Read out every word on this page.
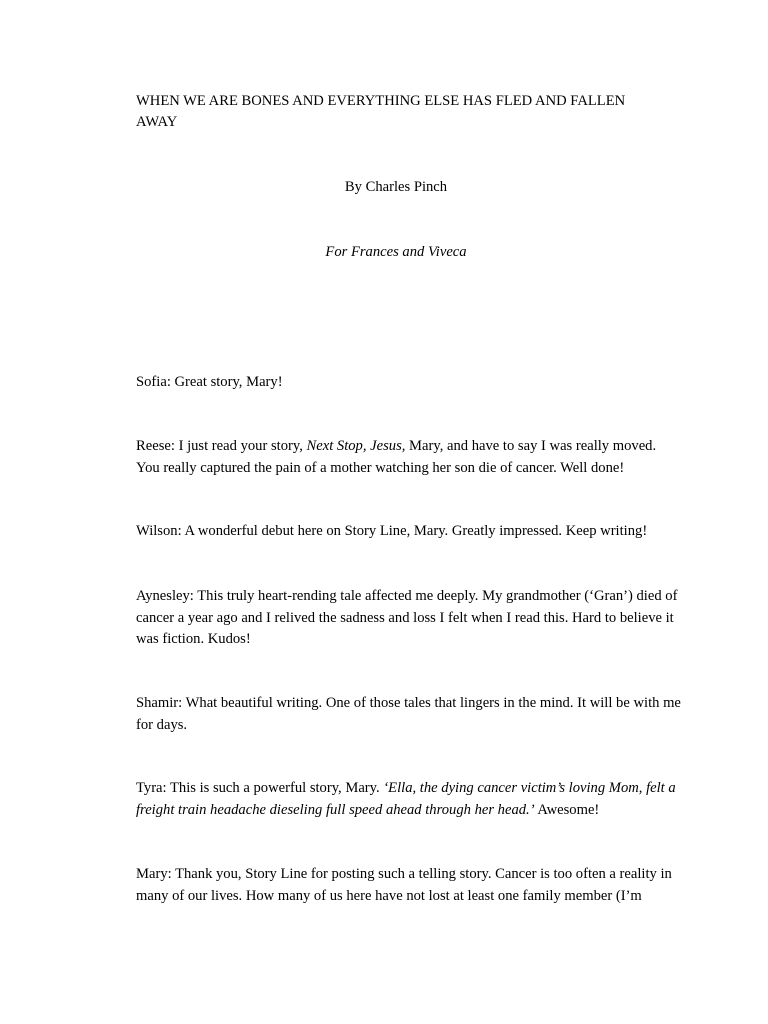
WHEN WE ARE BONES AND EVERYTHING ELSE HAS FLED AND FALLEN AWAY

By Charles Pinch

For Frances and Viveca

Sofia: Great story, Mary!

Reese: I just read your story, Next Stop, Jesus, Mary, and have to say I was really moved. You really captured the pain of a mother watching her son die of cancer. Well done!

Wilson: A wonderful debut here on Story Line, Mary. Greatly impressed. Keep writing!

Aynesley: This truly heart-rending tale affected me deeply. My grandmother (‘Gran’) died of cancer a year ago and I relived the sadness and loss I felt when I read this. Hard to believe it was fiction. Kudos!

Shamir: What beautiful writing. One of those tales that lingers in the mind. It will be with me for days.

Tyra: This is such a powerful story, Mary. ‘Ella, the dying cancer victim’s loving Mom, felt a freight train headache dieseling full speed ahead through her head.’ Awesome!

Mary: Thank you, Story Line for posting such a telling story. Cancer is too often a reality in many of our lives. How many of us here have not lost at least one family member (I’m
